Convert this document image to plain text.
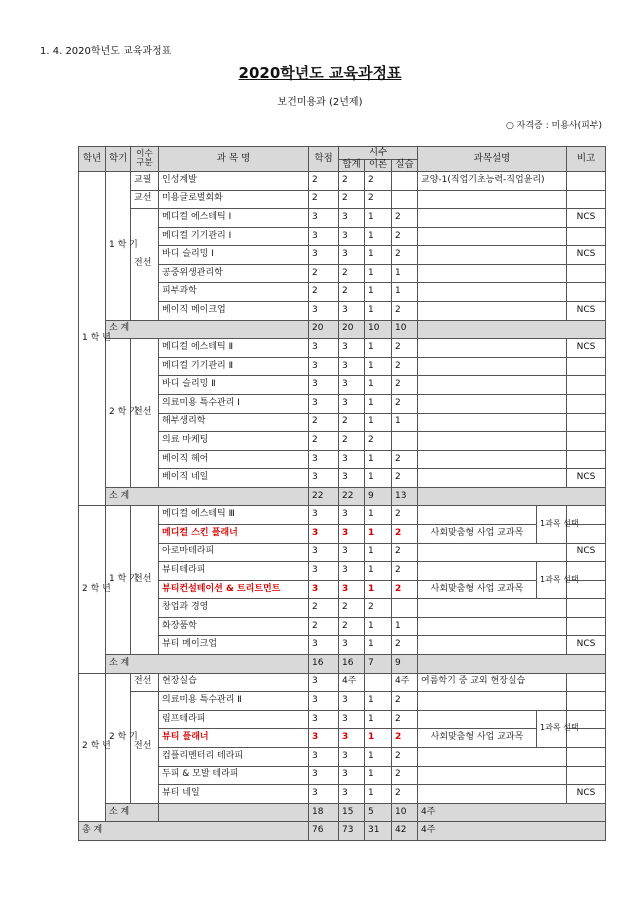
1. 4. 2020학년도 교육과정표
2020학년도 교육과정표
보건미용과 (2년제)
○ 자격증 : 미용사(피부)
학년	학기	이수 구분	과 목 명	학점	시수			과목설명		비고
					합계	이론	실습			
1 학 년	1 학 기	교필	인성계발	2	2	2		교양-1(직업기초능력-직업윤리)		
		교선	미용글로벌회화	2	2	2				
		전선	메디컬 에스테틱 Ⅰ	3	3	1	2			NCS
			메디컬 기기관리 Ⅰ	3	3	1	2			
			바디 슬리밍 Ⅰ	3	3	1	2			NCS
			공중위생관리학	2	2	1	1			
			피부과학	2	2	1	1			
			베이직 메이크업	3	3	1	2			NCS
	소 계			20	20	10	10			
	2 학 기	전선	메디컬 에스테틱 Ⅱ	3	3	1	2			NCS
			메디컬 기기관리 Ⅱ	3	3	1	2			
			바디 슬리밍 Ⅱ	3	3	1	2			
			의료미용 특수관리 Ⅰ	3	3	1	2			
			해부생리학	2	2	1	1			
			의료 마케팅	2	2	2				
			베이직 헤어	3	3	1	2			
			베이직 네일	3	3	1	2			NCS
	소 계			22	22	9	13			
2 학 년	1 학 기	전선	메디컬 에스테틱 Ⅲ	3	3	1	2		1과목 선택	
			메디컬 스킨 플래너	3	3	1	2	사회맞춤형 사업 교과목		
			아로마테라피	3	3	1	2			NCS
			뷰티테라피	3	3	1	2		1과목 선택	
			뷰티컨설테이션 & 트리트먼트	3	3	1	2	사회맞춤형 사업 교과목		
			창업과 경영	2	2	2				
			화장품학	2	2	1	1			
			뷰티 메이크업	3	3	1	2			NCS
	소 계			16	16	7	9			
2 학 년	2 학 기	전선	현장실습	3	4주		4주	여름학기 중 교외 현장실습		
		전선	의료미용 특수관리 Ⅱ	3	3	1	2			
			림프테라피	3	3	1	2		1과목 선택	
			뷰티 플래너	3	3	1	2	사회맞춤형 사업 교과목		
			컴플리멘터리 테라피	3	3	1	2			
			두피 & 모발 테라피	3	3	1	2			
			뷰티 네일	3	3	1	2			NCS
	소 계			18	15	5	10	4주		
총 계				76	73	31	42	4주		
